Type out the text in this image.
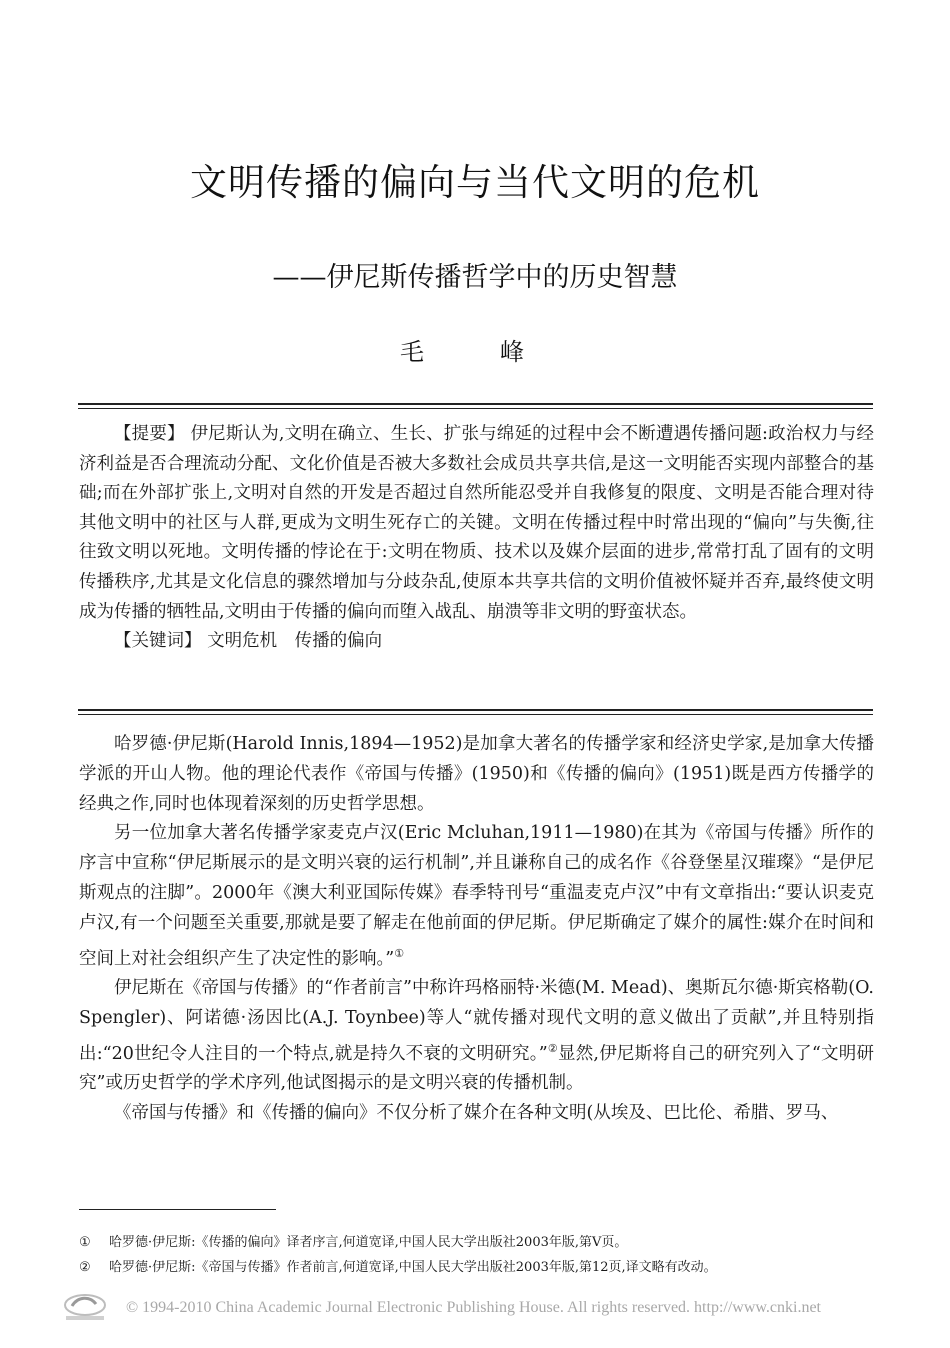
文明传播的偏向与当代文明的危机
——伊尼斯传播哲学中的历史智慧
毛　峰

【提要】 伊尼斯认为,文明在确立、生长、扩张与绵延的过程中会不断遭遇传播问题:政治权力与经济利益是否合理流动分配、文化价值是否被大多数社会成员共享共信,是这一文明能否实现内部整合的基础;而在外部扩张上,文明对自然的开发是否超过自然所能忍受并自我修复的限度、文明是否能合理对待其他文明中的社区与人群,更成为文明生死存亡的关键。文明在传播过程中时常出现的“偏向”与失衡,往往致文明以死地。文明传播的悖论在于:文明在物质、技术以及媒介层面的进步,常常打乱了固有的文明传播秩序,尤其是文化信息的骤然增加与分歧杂乱,使原本共享共信的文明价值被怀疑并否弃,最终使文明成为传播的牺牲品,文明由于传播的偏向而堕入战乱、崩溃等非文明的野蛮状态。

【关键词】 文明危机　传播的偏向

哈罗德·伊尼斯(Harold Innis,1894—1952)是加拿大著名的传播学家和经济史学家,是加拿大传播学派的开山人物。他的理论代表作《帝国与传播》(1950)和《传播的偏向》(1951)既是西方传播学的经典之作,同时也体现着深刻的历史哲学思想。

另一位加拿大著名传播学家麦克卢汉(Eric Mcluhan,1911—1980)在其为《帝国与传播》所作的序言中宣称“伊尼斯展示的是文明兴衰的运行机制”,并且谦称自己的成名作《谷登堡星汉璀璨》“是伊尼斯观点的注脚”。2000年《澳大利亚国际传媒》春季特刊号“重温麦克卢汉”中有文章指出:“要认识麦克卢汉,有一个问题至关重要,那就是要了解走在他前面的伊尼斯。伊尼斯确定了媒介的属性:媒介在时间和空间上对社会组织产生了决定性的影响。”①

伊尼斯在《帝国与传播》的“作者前言”中称许玛格丽特·米德(M. Mead)、奥斯瓦尔德·斯宾格勒(O. Spengler)、阿诺德·汤因比(A.J. Toynbee)等人“就传播对现代文明的意义做出了贡献”,并且特别指出:“20世纪令人注目的一个特点,就是持久不衰的文明研究。”②显然,伊尼斯将自己的研究列入了“文明研究”或历史哲学的学术序列,他试图揭示的是文明兴衰的传播机制。

《帝国与传播》和《传播的偏向》不仅分析了媒介在各种文明(从埃及、巴比伦、希腊、罗马、

①	哈罗德·伊尼斯:《传播的偏向》译者序言,何道宽译,中国人民大学出版社2003年版,第V页。
②	哈罗德·伊尼斯:《帝国与传播》作者前言,何道宽译,中国人民大学出版社2003年版,第12页,译文略有改动。
© 1994-2010 China Academic Journal Electronic Publishing House. All rights reserved. http://www.cnki.net
